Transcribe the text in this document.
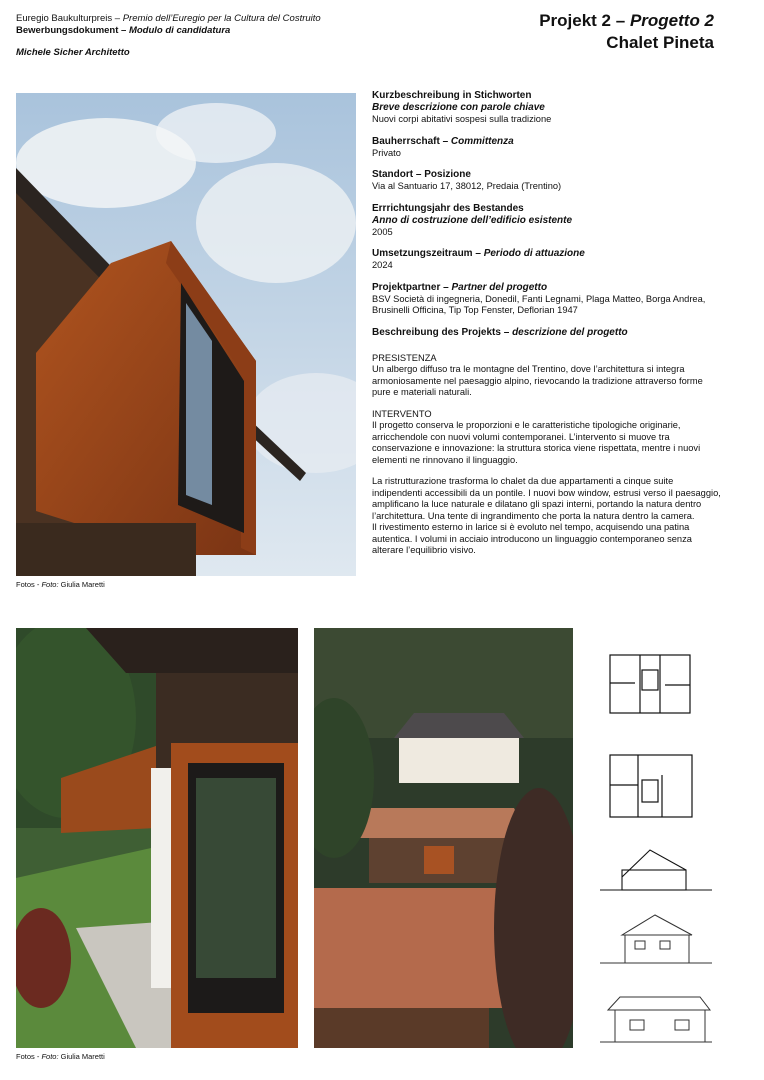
Euregio Baukulturpreis – Premio dell’Euregio per la Cultura del Costruito
Bewerbungsdokument – Modulo di candidatura
Michele Sicher Architetto
Projekt 2 – Progetto 2
Chalet Pineta
Fotos - Foto: Giulia Maretti
Kurzbeschreibung in Stichworten
Breve descrizione con parole chiave
Nuovi corpi abitativi sospesi sulla tradizione
Bauherrschaft – Committenza
Privato
Standort – Posizione
Via al Santuario 17, 38012, Predaia (Trentino)
Errrichtungsjahr des Bestandes
Anno di costruzione dell’edificio esistente
2005
Umsetzungszeitraum – Periodo di attuazione
2024
Projektpartner – Partner del progetto
BSV Società di ingegneria, Donedil, Fanti Legnami, Plaga Matteo, Borga Andrea, Brusinelli Officina, Tip Top Fenster, Deflorian 1947
Beschreibung des Projekts – descrizione del progetto
PRESISTENZA

Un albergo diffuso tra le montagne del Trentino, dove l’architettura si integra armoniosamente nel paesaggio alpino, rievocando la tradizione attraverso forme pure e materiali naturali.

INTERVENTO

Il progetto conserva le proporzioni e le caratteristiche tipologiche originarie, arricchendole con nuovi volumi contemporanei. L’intervento si muove tra conservazione e innovazione: la struttura storica viene rispettata, mentre i nuovi elementi ne rinnovano il linguaggio.

La ristrutturazione trasforma lo chalet da due appartamenti a cinque suite indipendenti accessibili da un pontile. I nuovi bow window, estrusi verso il paesaggio, amplificano la luce naturale e dilatano gli spazi interni, portando la natura dentro l’architettura. Una tente di ingrandimento che porta la natura dentro la camera.

Il rivestimento esterno in larice si è evoluto nel tempo, acquisendo una patina autentica. I volumi in acciaio introducono un linguaggio contemporaneo senza alterare l’equilibrio visivo.

Fotos - Foto: Giulia Maretti
